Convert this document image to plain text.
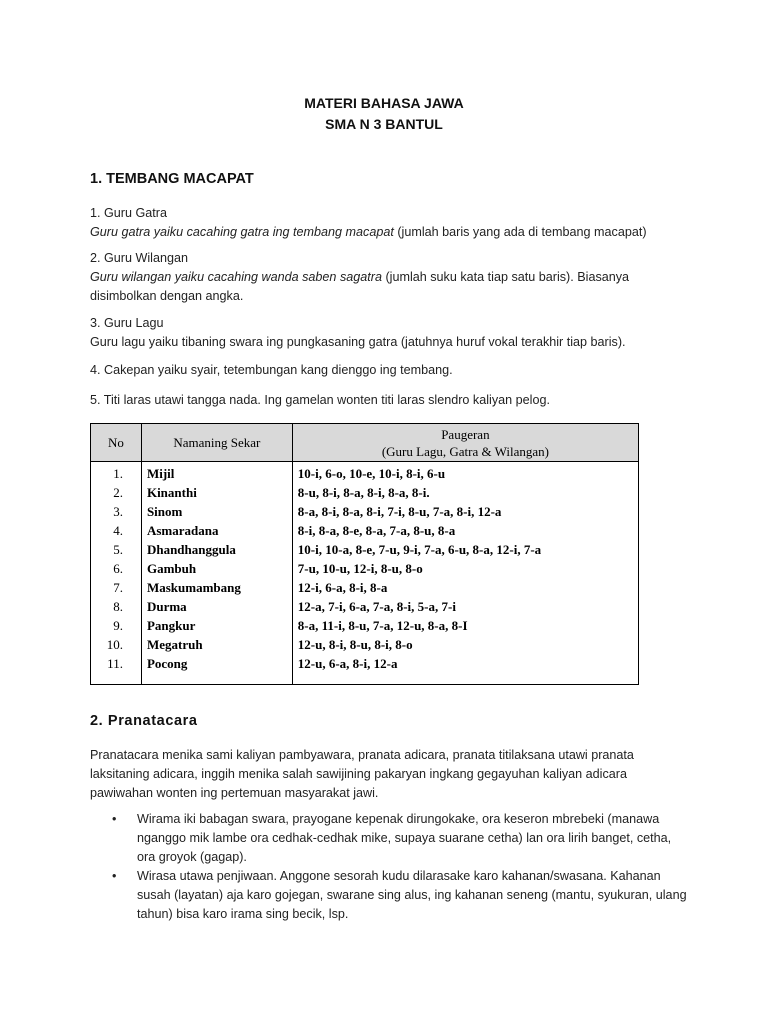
MATERI BAHASA JAWA
SMA N 3 BANTUL
1. TEMBANG MACAPAT
1. Guru Gatra
Guru gatra yaiku cacahing gatra ing tembang macapat (jumlah baris yang ada di tembang macapat)
2. Guru Wilangan
Guru wilangan yaiku cacahing wanda saben sagatra (jumlah suku kata tiap satu baris). Biasanya disimbolkan dengan angka.
3. Guru Lagu
Guru lagu yaiku tibaning swara ing pungkasaning gatra (jatuhnya huruf vokal terakhir tiap baris).
4. Cakepan yaiku syair, tetembungan kang dienggo ing tembang.
5. Titi laras utawi tangga nada. Ing gamelan wonten titi laras slendro kaliyan pelog.
No	Namaning Sekar	Paugeran
(Guru Lagu, Gatra & Wilangan)

1.	Mijil	10-i, 6-o, 10-e, 10-i, 8-i, 6-u
2.	Kinanthi	8-u, 8-i, 8-a, 8-i, 8-a, 8-i.
3.	Sinom	8-a, 8-i, 8-a, 8-i, 7-i, 8-u, 7-a, 8-i, 12-a
4.	Asmaradana	8-i, 8-a, 8-e, 8-a, 7-a, 8-u, 8-a
5.	Dhandhanggula	10-i, 10-a, 8-e, 7-u, 9-i, 7-a, 6-u, 8-a, 12-i, 7-a
6.	Gambuh	7-u, 10-u, 12-i, 8-u, 8-o
7.	Maskumambang	12-i, 6-a, 8-i, 8-a
8.	Durma	12-a, 7-i, 6-a, 7-a, 8-i, 5-a, 7-i
9.	Pangkur	8-a, 11-i, 8-u, 7-a, 12-u, 8-a, 8-I
10.	Megatruh	12-u, 8-i, 8-u, 8-i, 8-o
11.	Pocong	12-u, 6-a, 8-i, 12-a
2. Pranatacara
Pranatacara menika sami kaliyan pambyawara, pranata adicara, pranata titilaksana utawi pranata laksitaning adicara, inggih menika salah sawijining pakaryan ingkang gegayuhan kaliyan adicara pawiwahan wonten ing pertemuan masyarakat jawi.
• Wirama iki babagan swara, prayogane kepenak dirungokake, ora keseron mbrebeki (manawa nganggo mik lambe ora cedhak-cedhak mike, supaya suarane cetha) lan ora lirih banget, cetha, ora groyok (gagap).
• Wirasa utawa penjiwaan. Anggone sesorah kudu dilarasake karo kahanan/swasana. Kahanan susah (layatan) aja karo gojegan, swarane sing alus, ing kahanan seneng (mantu, syukuran, ulang tahun) bisa karo irama sing becik, lsp.
